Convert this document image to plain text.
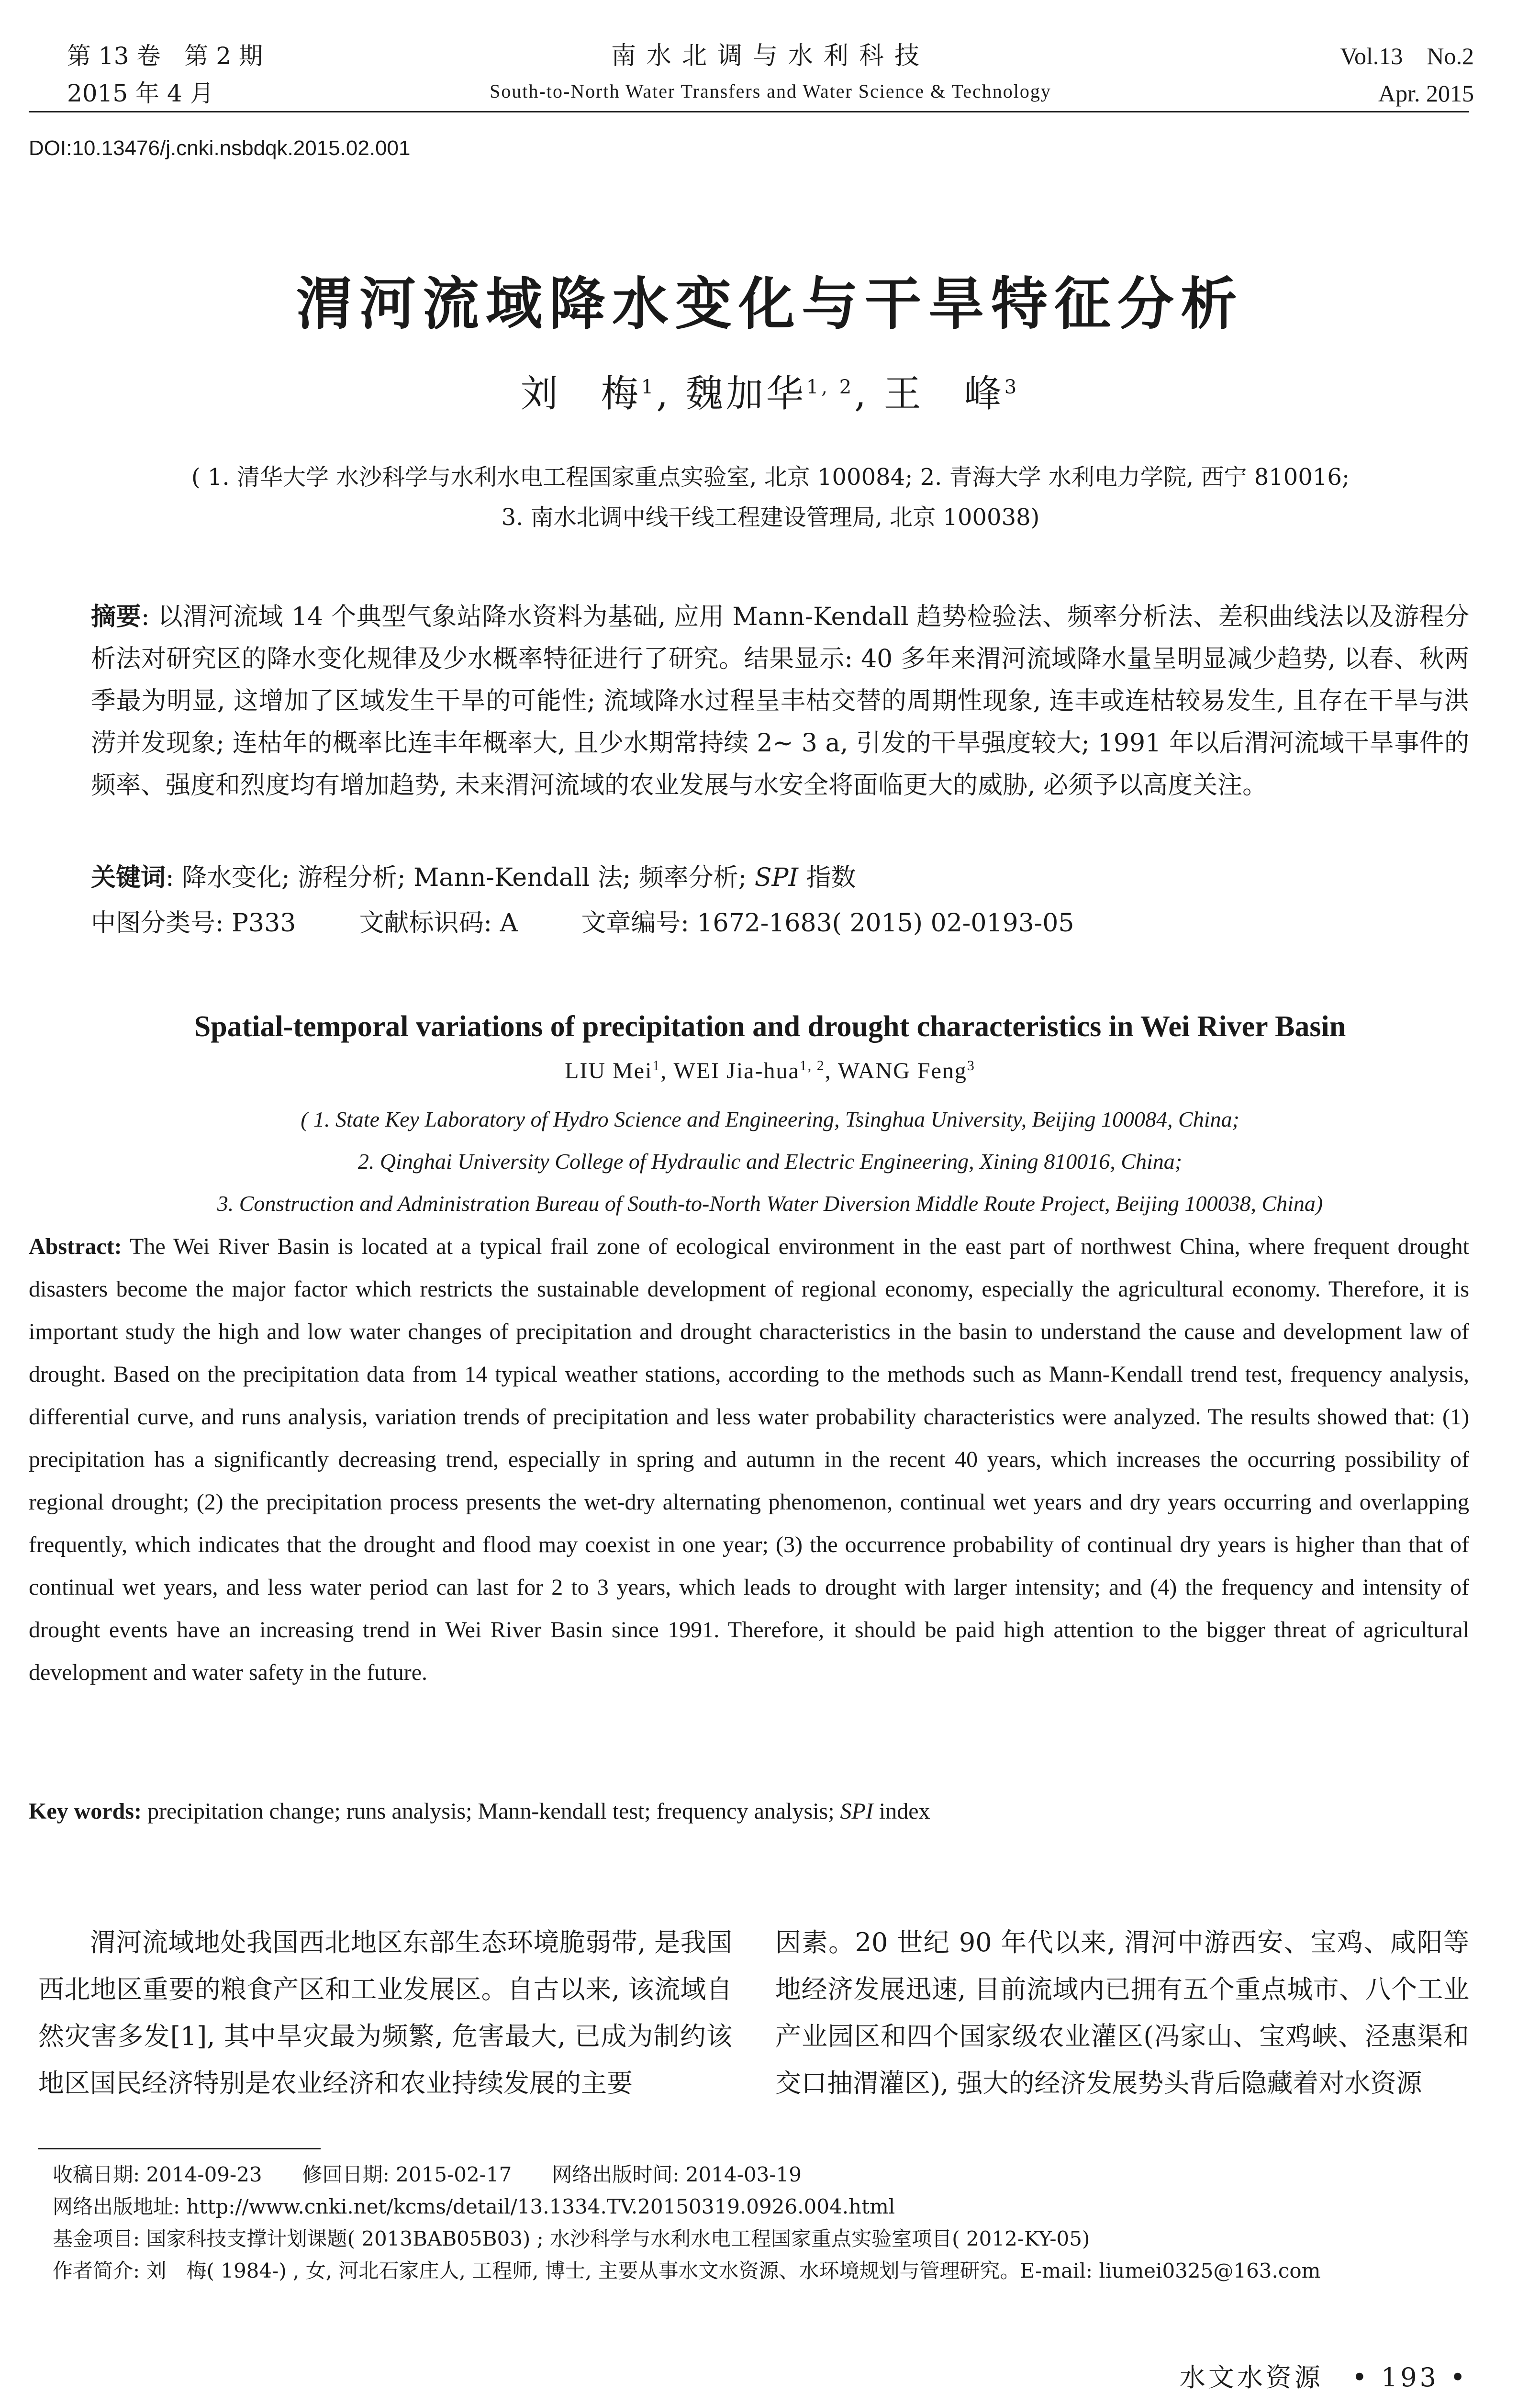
第 13 卷　第 2 期
2015 年 4 月
南水北调与水利科技
South-to-North Water Transfers and Water Science & Technology
Vol.13　No.2
Apr. 2015
DOI:10.13476/j.cnki.nsbdqk.2015.02.001
渭河流域降水变化与干旱特征分析
刘　梅$^1$, 魏加华$^{1, 2}$, 王　峰$^3$
( 1. 清华大学 水沙科学与水利水电工程国家重点实验室, 北京 100084; 2. 青海大学 水利电力学院, 西宁 810016;
3. 南水北调中线干线工程建设管理局, 北京 100038)
摘要: 以渭河流域 14 个典型气象站降水资料为基础, 应用 Mann-Kendall 趋势检验法、频率分析法、差积曲线法以及游程分析法对研究区的降水变化规律及少水概率特征进行了研究。结果显示: 40 多年来渭河流域降水量呈明显减少趋势, 以春、秋两季最为明显, 这增加了区域发生干旱的可能性; 流域降水过程呈丰枯交替的周期性现象, 连丰或连枯较易发生, 且存在干旱与洪涝并发现象; 连枯年的概率比连丰年概率大, 且少水期常持续 2~ 3 a, 引发的干旱强度较大; 1991 年以后渭河流域干旱事件的频率、强度和烈度均有增加趋势, 未来渭河流域的农业发展与水安全将面临更大的威胁, 必须予以高度关注。
关键词: 降水变化; 游程分析; Mann-Kendall 法; 频率分析; SPI 指数
中图分类号: P333        文献标识码: A        文章编号: 1672-1683( 2015) 02-0193-05
Spatial-temporal variations of precipitation and drought characteristics in Wei River Basin
LIU Mei$^1$, WEI Jia-hua$^{1, 2}$, WANG Feng$^3$
( 1. State Key Laboratory of Hydro Science and Engineering, Tsinghua University, Beijing 100084, China;
2. Qinghai University College of Hydraulic and Electric Engineering, Xining 810016, China;
3. Construction and Administration Bureau of South-to-North Water Diversion Middle Route Project, Beijing 100038, China)
Abstract: The Wei River Basin is located at a typical frail zone of ecological environment in the east part of northwest China, where frequent drought disasters become the major factor which restricts the sustainable development of regional economy, especially the agricultural economy. Therefore, it is important study the high and low water changes of precipitation and drought characteristics in the basin to understand the cause and development law of drought. Based on the precipitation data from 14 typical weather stations, according to the methods such as Mann-Kendall trend test, frequency analysis, differential curve, and runs analysis, variation trends of precipitation and less water probability characteristics were analyzed. The results showed that: (1) precipitation has a significantly decreasing trend, especially in spring and autumn in the recent 40 years, which increases the occurring possibility of regional drought; (2) the precipitation process presents the wet-dry alternating phenomenon, continual wet years and dry years occurring and overlapping frequently, which indicates that the drought and flood may coexist in one year; (3) the occurrence probability of continual dry years is higher than that of continual wet years, and less water period can last for 2 to 3 years, which leads to drought with larger intensity; and (4) the frequency and intensity of drought events have an increasing trend in Wei River Basin since 1991. Therefore, it should be paid high attention to the bigger threat of agricultural development and water safety in the future.
Key words: precipitation change; runs analysis; Mann-kendall test; frequency analysis; SPI index

渭河流域地处我国西北地区东部生态环境脆弱带, 是我国西北地区重要的粮食产区和工业发展区。自古以来, 该流域自然灾害多发[1], 其中旱灾最为频繁, 危害最大, 已成为制约该地区国民经济特别是农业经济和农业持续发展的主要

因素。20 世纪 90 年代以来, 渭河中游西安、宝鸡、咸阳等地经济发展迅速, 目前流域内已拥有五个重点城市、八个工业产业园区和四个国家级农业灌区(冯家山、宝鸡峡、泾惠渠和交口抽渭灌区), 强大的经济发展势头背后隐藏着对水资源

收稿日期: 2014-09-23　　修回日期: 2015-02-17　　网络出版时间: 2014-03-19
网络出版地址: http://www.cnki.net/kcms/detail/13.1334.TV.20150319.0926.004.html
基金项目: 国家科技支撑计划课题( 2013BAB05B03) ; 水沙科学与水利水电工程国家重点实验室项目( 2012-KY-05)
作者简介: 刘　梅( 1984-) , 女, 河北石家庄人, 工程师, 博士, 主要从事水文水资源、水环境规划与管理研究。E-mail: liumei0325@163.com
水文水资源　 • 193 •
